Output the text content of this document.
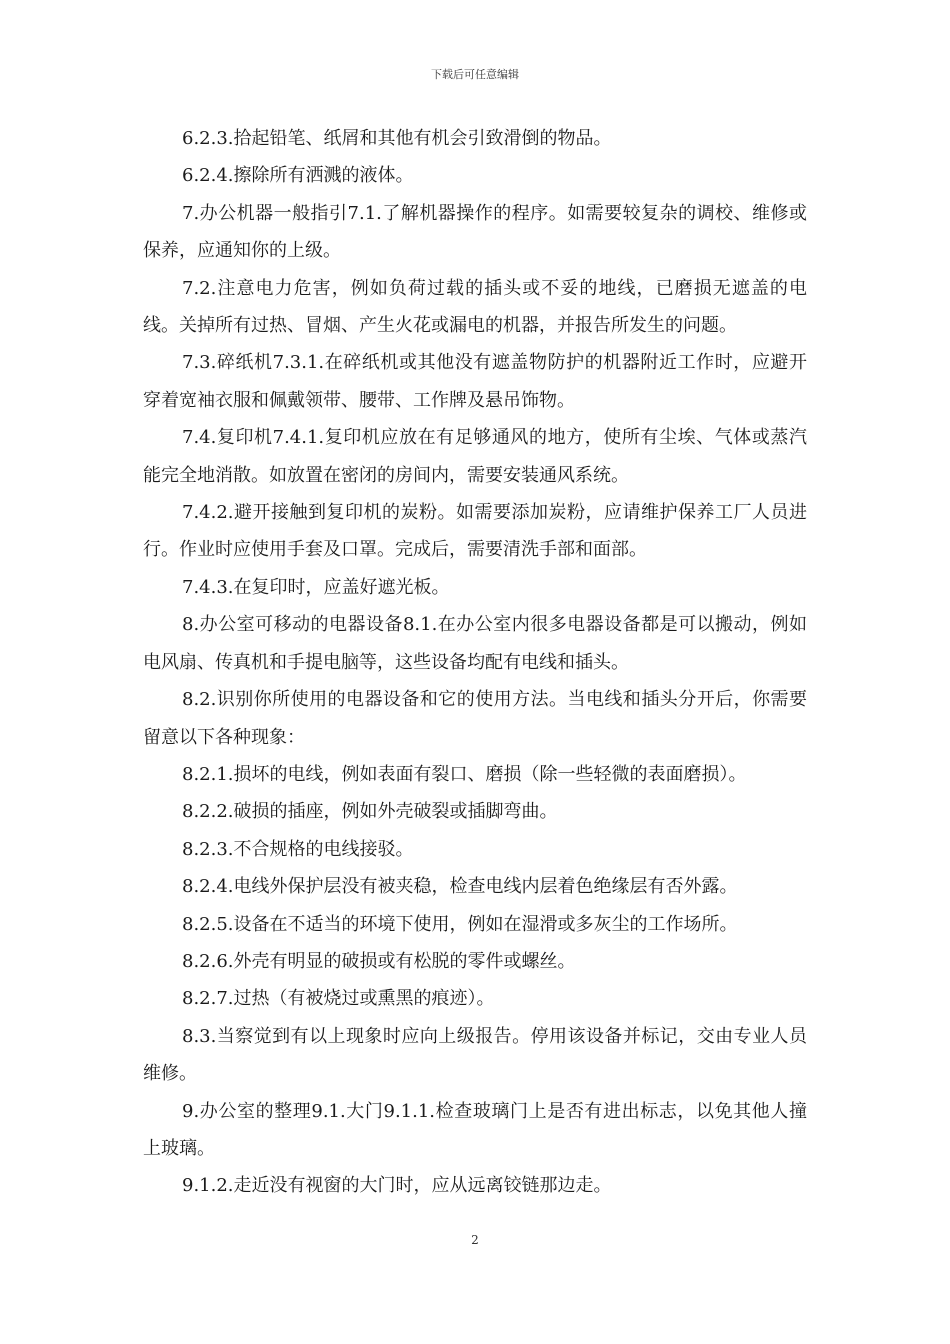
下载后可任意编辑

6.2.3.拾起铅笔、纸屑和其他有机会引致滑倒的物品。

6.2.4.擦除所有洒溅的液体。

7.办公机器一般指引7.1.了解机器操作的程序。如需要较复杂的调校、维修或保养，应通知你的上级。

7.2.注意电力危害，例如负荷过载的插头或不妥的地线，已磨损无遮盖的电线。关掉所有过热、冒烟、产生火花或漏电的机器，并报告所发生的问题。

7.3.碎纸机7.3.1.在碎纸机或其他没有遮盖物防护的机器附近工作时，应避开穿着宽袖衣服和佩戴领带、腰带、工作牌及悬吊饰物。

7.4.复印机7.4.1.复印机应放在有足够通风的地方，使所有尘埃、气体或蒸汽能完全地消散。如放置在密闭的房间内，需要安装通风系统。

7.4.2.避开接触到复印机的炭粉。如需要添加炭粉，应请维护保养工厂人员进行。作业时应使用手套及口罩。完成后，需要清洗手部和面部。

7.4.3.在复印时，应盖好遮光板。

8.办公室可移动的电器设备8.1.在办公室内很多电器设备都是可以搬动，例如电风扇、传真机和手提电脑等，这些设备均配有电线和插头。

8.2.识别你所使用的电器设备和它的使用方法。当电线和插头分开后，你需要留意以下各种现象：

8.2.1.损坏的电线，例如表面有裂口、磨损（除一些轻微的表面磨损）。

8.2.2.破损的插座，例如外壳破裂或插脚弯曲。

8.2.3.不合规格的电线接驳。

8.2.4.电线外保护层没有被夹稳，检查电线内层着色绝缘层有否外露。

8.2.5.设备在不适当的环境下使用，例如在湿滑或多灰尘的工作场所。

8.2.6.外壳有明显的破损或有松脱的零件或螺丝。

8.2.7.过热（有被烧过或熏黑的痕迹）。

8.3.当察觉到有以上现象时应向上级报告。停用该设备并标记，交由专业人员维修。

9.办公室的整理9.1.大门9.1.1.检查玻璃门上是否有进出标志，以免其他人撞上玻璃。

9.1.2.走近没有视窗的大门时，应从远离铰链那边走。

2
